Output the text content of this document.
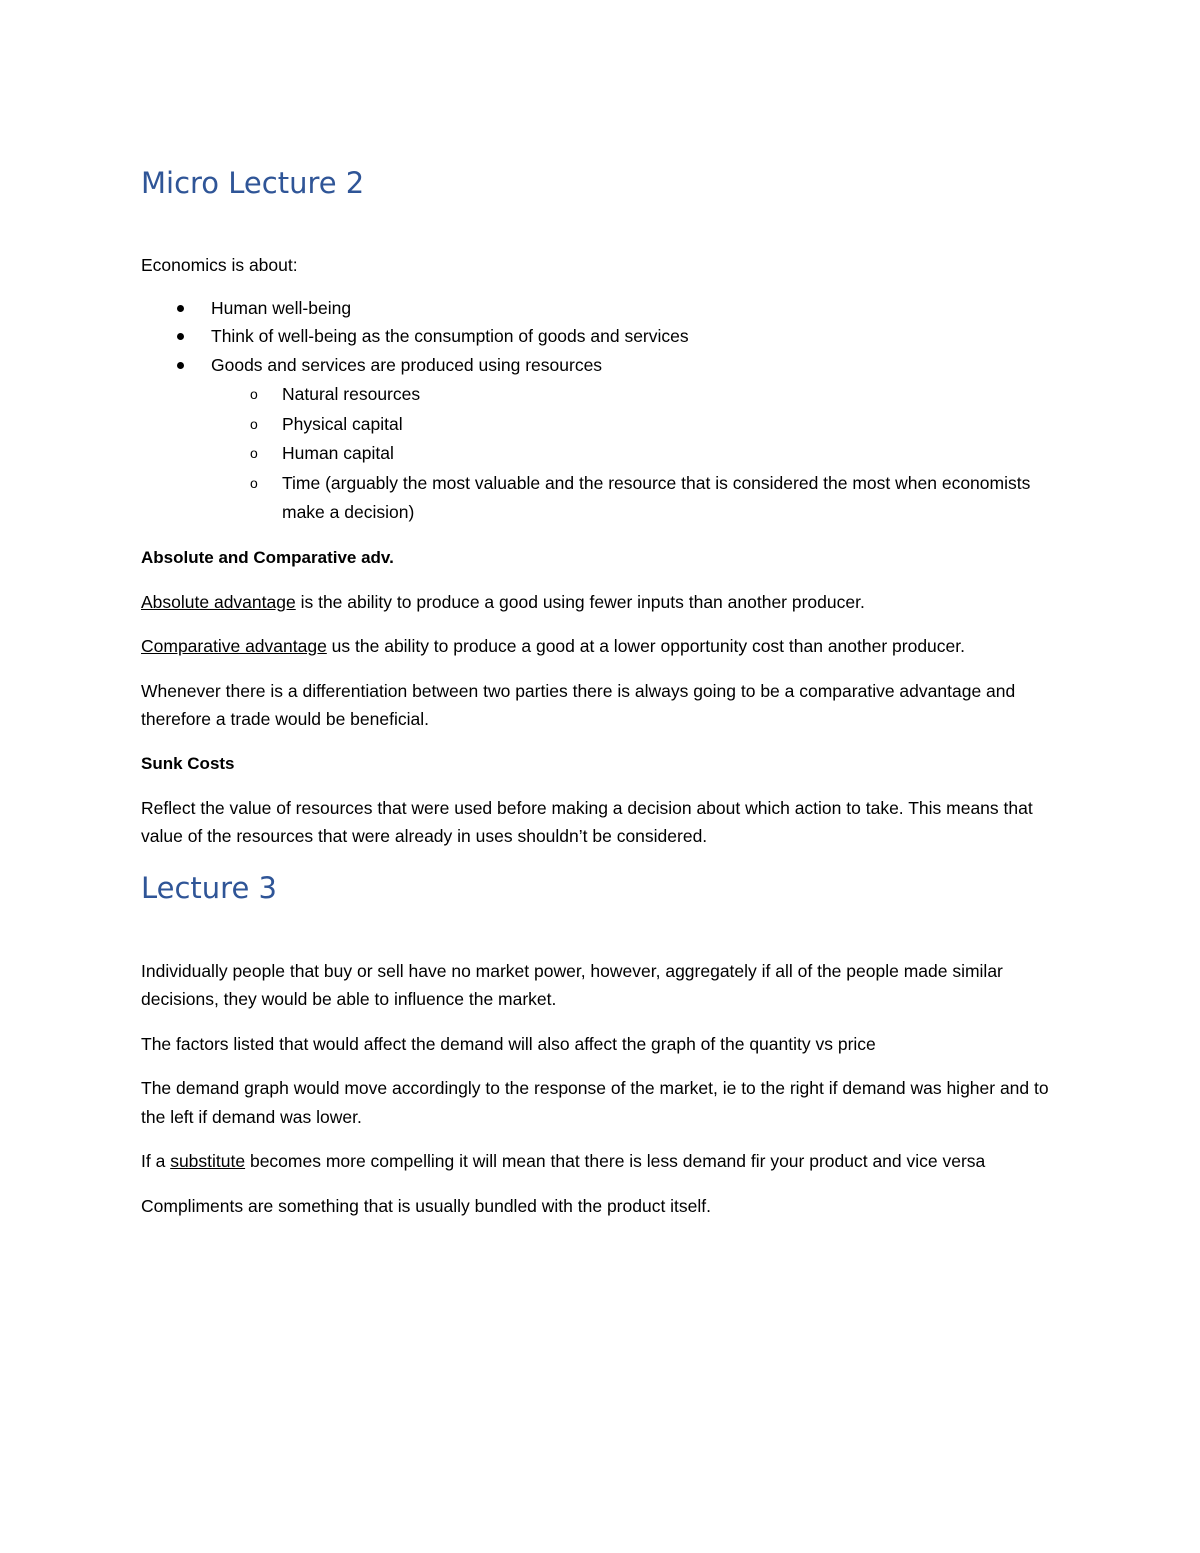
Micro Lecture 2

Economics is about:

Human well-being
Think of well-being as the consumption of goods and services
Goods and services are produced using resources
o Natural resources
o Physical capital
o Human capital
o Time (arguably the most valuable and the resource that is considered the most when economists make a decision)

Absolute and Comparative adv.

Absolute advantage is the ability to produce a good using fewer inputs than another producer.

Comparative advantage us the ability to produce a good at a lower opportunity cost than another producer.

Whenever there is a differentiation between two parties there is always going to be a comparative advantage and therefore a trade would be beneficial.

Sunk Costs

Reflect the value of resources that were used before making a decision about which action to take. This means that value of the resources that were already in uses shouldn’t be considered.

Lecture 3

Individually people that buy or sell have no market power, however, aggregately if all of the people made similar decisions, they would be able to influence the market.

The factors listed that would affect the demand will also affect the graph of the quantity vs price

The demand graph would move accordingly to the response of the market, ie to the right if demand was higher and to the left if demand was lower.

If a substitute becomes more compelling it will mean that there is less demand fir your product and vice versa

Compliments are something that is usually bundled with the product itself.
